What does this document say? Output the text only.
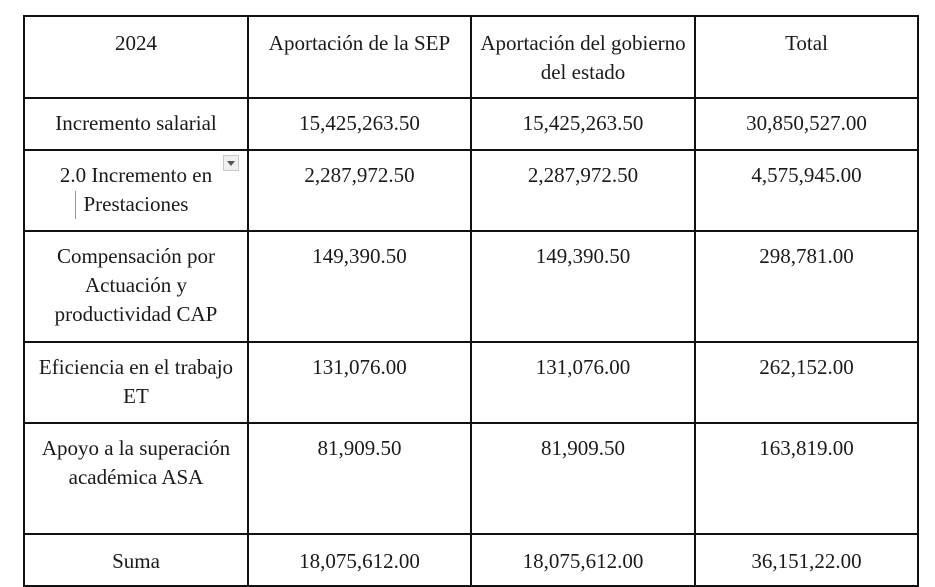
2024	Aportación de la SEP	Aportación del gobierno del estado	Total
Incremento salarial	15,425,263.50	15,425,263.50	30,850,527.00
2.0 Incremento en Prestaciones	2,287,972.50	2,287,972.50	4,575,945.00
Compensación por Actuación y productividad CAP	149,390.50	149,390.50	298,781.00
Eficiencia en el trabajo ET	131,076.00	131,076.00	262,152.00
Apoyo a la superación académica ASA	81,909.50	81,909.50	163,819.00
Suma	18,075,612.00	18,075,612.00	36,151,22.00
